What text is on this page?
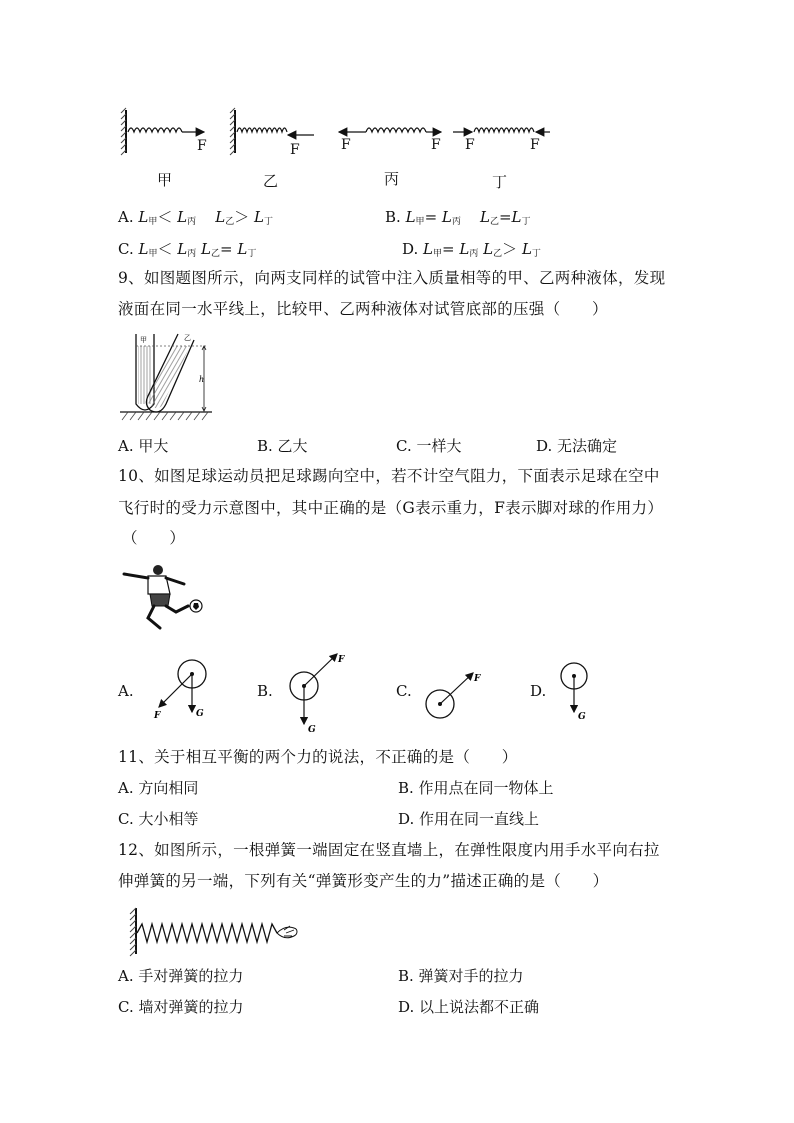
F	F	F	F F	F
甲	乙	丙	丁
A. $L_甲< L_丙$ $L_乙> L_丁$	B. $L_甲= L_丙$ $L_乙=L_丁$
C. $L_甲< L_丙$ $L_乙= L_丁$	D. $L_甲= L_丙$ $L_乙> L_丁$
9、如图题图所示，向两支同样的试管中注入质量相等的甲、乙两种液体，发现
液面在同一水平线上，比较甲、乙两种液体对试管底部的压强（　　）
h
甲	乙
A. 甲大	B. 乙大	C. 一样大	D. 无法确定
10、如图足球运动员把足球踢向空中，若不计空气阻力，下面表示足球在空中
飞行时的受力示意图中，其中正确的是（G表示重力，F表示脚对球的作用力）
（　　）
A.
F	G
B.
F
G
C.
F
D.
G
11、关于相互平衡的两个力的说法，不正确的是（　　）
A. 方向相同	B. 作用点在同一物体上
C. 大小相等	D. 作用在同一直线上
12、如图所示，一根弹簧一端固定在竖直墙上，在弹性限度内用手水平向右拉
伸弹簧的另一端，下列有关“弹簧形变产生的力”描述正确的是（　　）
A. 手对弹簧的拉力	B. 弹簧对手的拉力
C. 墙对弹簧的拉力	D. 以上说法都不正确
